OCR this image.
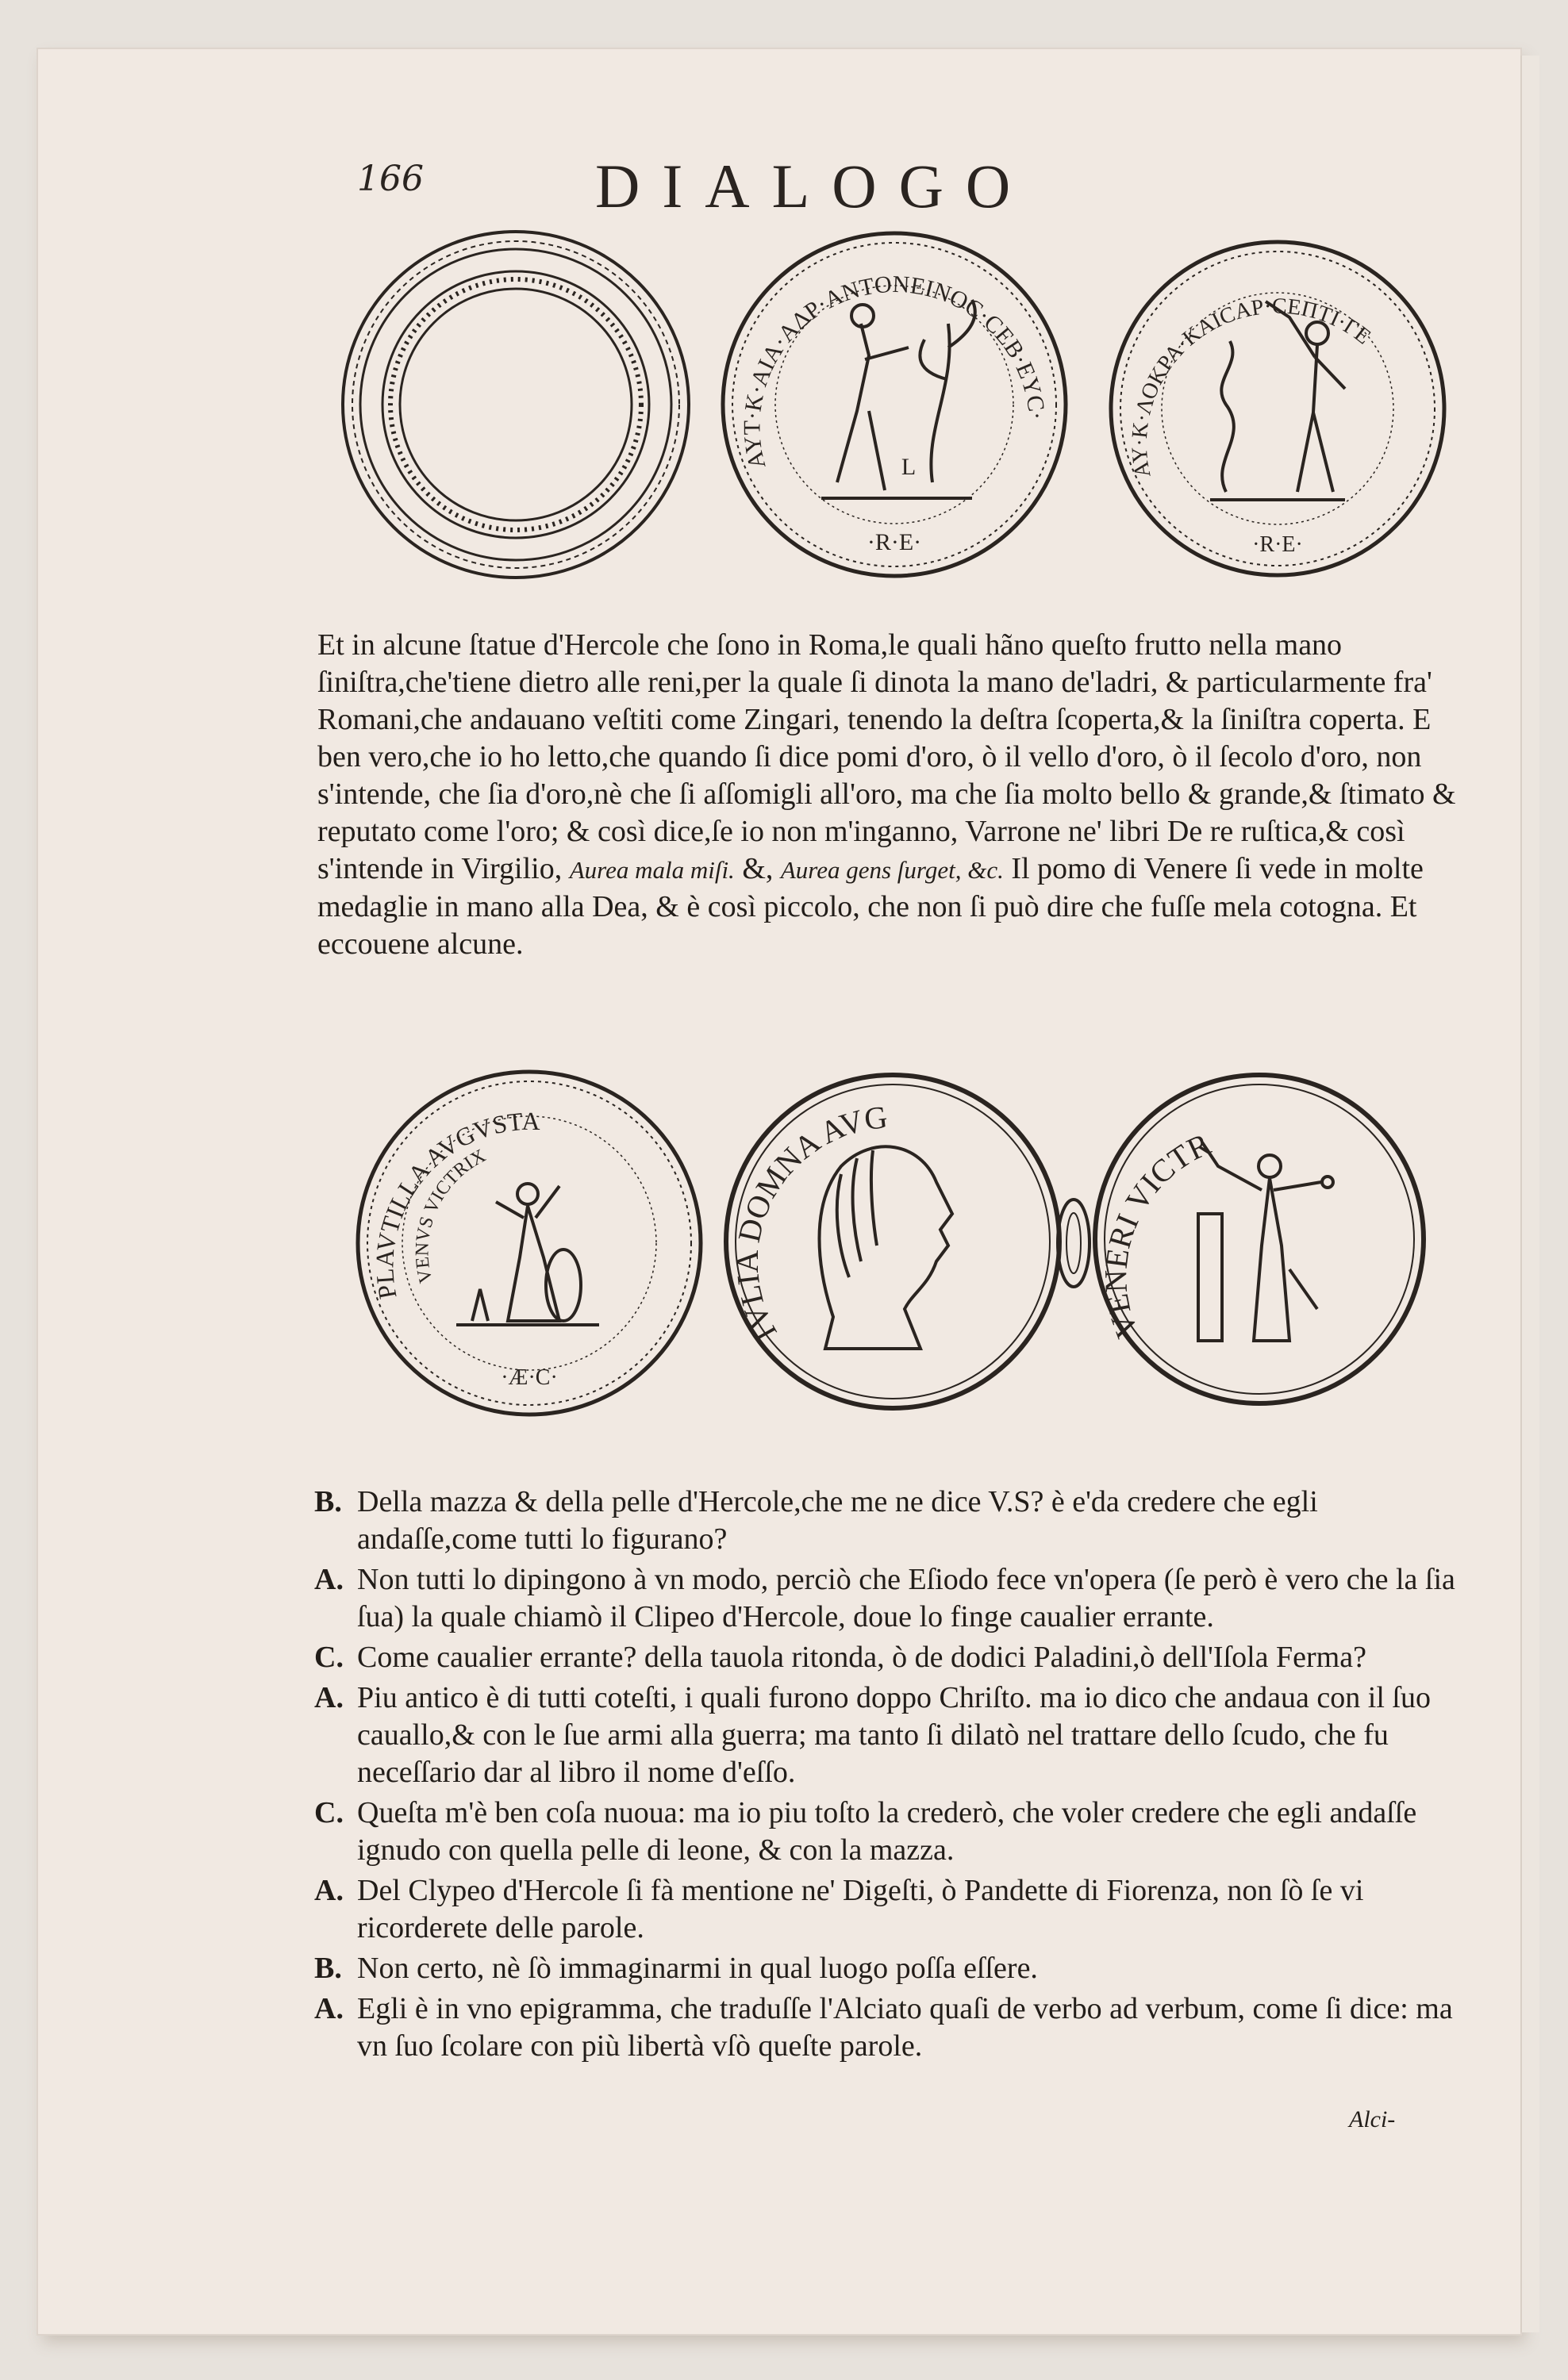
166	DIALOGO
AYT·K·AIA·AΔP·ANTONEINOC·CEB·EYC·
·R·E·
L	AY·K·ΛΟΚΡΑ·KAICAP·CEΠΤI·ΓΕ
·R·E·

Et in alcune ſtatue d'Hercole che ſono in Roma,le quali hãno queſto frutto nella mano ſiniſtra,che'tiene dietro alle reni,per la quale ſi dinota la mano de'ladri, & particularmente fra' Romani,che andauano veſtiti come Zingari, tenendo la deſtra ſcoperta,& la ſiniſtra coperta. E ben vero,che io ho letto,che quando ſi dice pomi d'oro, ò il vello d'oro, ò il ſecolo d'oro, non s'intende, che ſia d'oro,nè che ſi aſſomigli all'oro, ma che ſia molto bello & grande,& ſtimato & reputato come l'oro; & così dice,ſe io non m'inganno, Varrone ne' libri De re ruſtica,& così s'intende in Virgilio, Aurea mala miſi. &, Aurea gens ſurget, &c. Il pomo di Venere ſi vede in molte medaglie in mano alla Dea, & è così piccolo, che non ſi può dire che fuſſe mela cotogna. Et eccouene alcune.

PLAVTILLA AVGVSTA
VENVS VICTRIX
·Æ·C·
IVLIA DOMNA AVG
VENERI VICTR

B. Della mazza & della pelle d'Hercole,che me ne dice V.S? è e'da credere che egli andaſſe,come tutti lo figurano?

A. Non tutti lo dipingono à vn modo, perciò che Eſiodo fece vn'opera (ſe però è vero che la ſia ſua) la quale chiamò il Clipeo d'Hercole, doue lo finge caualier errante.

C. Come caualier errante? della tauola ritonda, ò de dodici Paladini,ò dell'Iſola Ferma?

A. Piu antico è di tutti coteſti, i quali furono doppo Chriſto. ma io dico che andaua con il ſuo cauallo,& con le ſue armi alla guerra; ma tanto ſi dilatò nel trattare dello ſcudo, che fu neceſſario dar al libro il nome d'eſſo.

C. Queſta m'è ben coſa nuoua: ma io piu toſto la crederò, che voler credere che egli andaſſe ignudo con quella pelle di leone, & con la mazza.

A. Del Clypeo d'Hercole ſi fà mentione ne' Digeſti, ò Pandette di Fiorenza, non ſò ſe vi ricorderete delle parole.

B. Non certo, nè ſò immaginarmi in qual luogo poſſa eſſere.

A. Egli è in vno epigramma, che traduſſe l'Alciato quaſi de verbo ad verbum, come ſi dice: ma vn ſuo ſcolare con più libertà vſò queſte parole.

Alci-
